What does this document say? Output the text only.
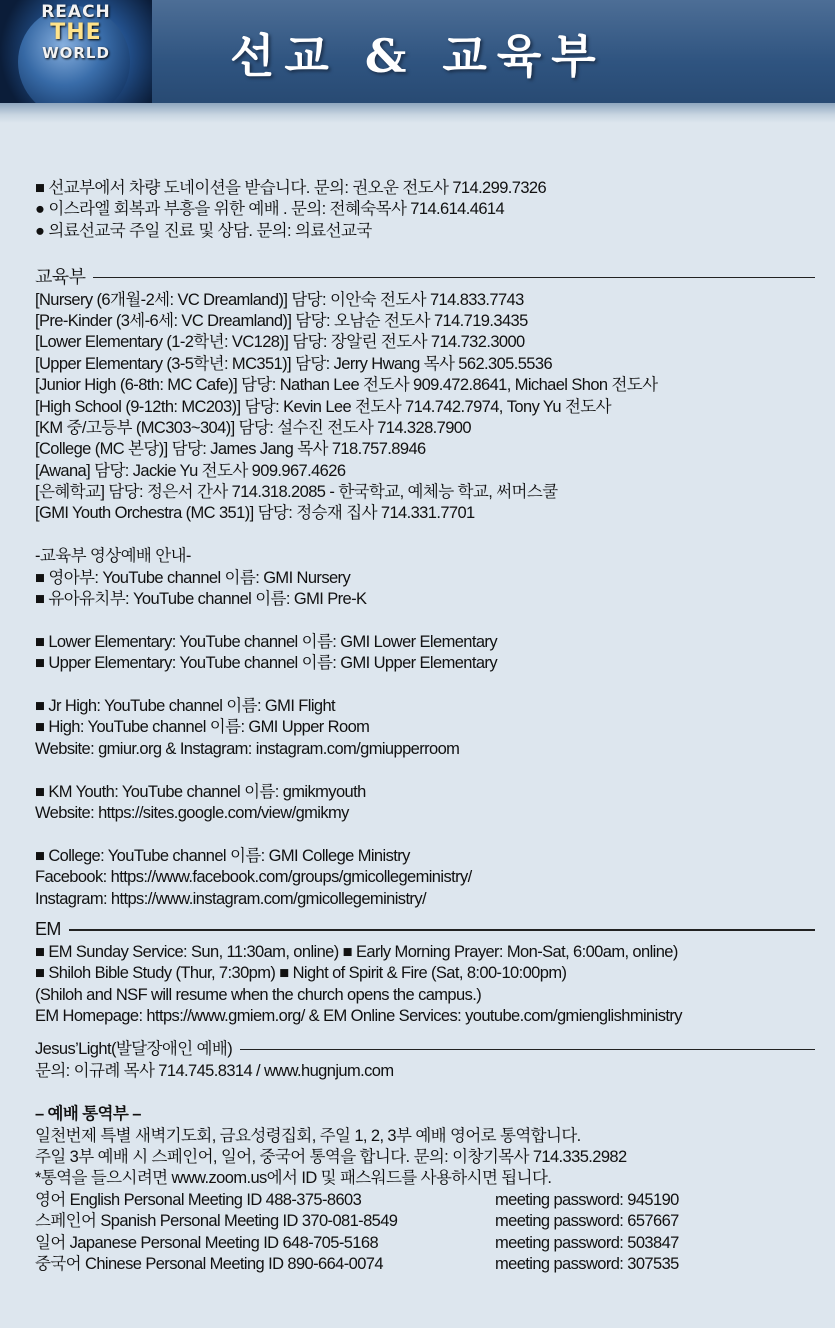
REACH
THE
WORLD	선교 & 교육부
■ 선교부에서 차량 도네이션을 받습니다. 문의: 권오운 전도사 714.299.7326
● 이스라엘 회복과 부흥을 위한 예배 . 문의: 전혜숙목사 714.614.4614
● 의료선교국 주일 진료 및 상담. 문의: 의료선교국
교육부
[Nursery (6개월-2세: VC Dreamland)] 담당: 이안숙 전도사 714.833.7743
[Pre-Kinder (3세-6세: VC Dreamland)] 담당: 오남순 전도사 714.719.3435
[Lower Elementary (1-2학년: VC128)] 담당: 장알린 전도사 714.732.3000
[Upper Elementary (3-5학년: MC351)] 담당: Jerry Hwang 목사 562.305.5536
[Junior High (6-8th: MC Cafe)] 담당: Nathan Lee 전도사 909.472.8641, Michael Shon 전도사
[High School (9-12th: MC203)] 담당: Kevin Lee 전도사 714.742.7974, Tony Yu 전도사
[KM 중/고등부 (MC303~304)] 담당: 설수진 전도사 714.328.7900
[College (MC 본당)] 담당: James Jang 목사 718.757.8946
[Awana] 담당: Jackie Yu 전도사 909.967.4626
[은혜학교] 담당: 정은서 간사 714.318.2085 - 한국학교, 예체능 학교, 써머스쿨
[GMI Youth Orchestra (MC 351)] 담당: 정승재 집사 714.331.7701
-교육부 영상예배 안내-
■ 영아부: YouTube channel 이름: GMI Nursery
■ 유아유치부: YouTube channel 이름: GMI Pre-K
■ Lower Elementary: YouTube channel 이름: GMI Lower Elementary
■ Upper Elementary: YouTube channel 이름: GMI Upper Elementary
■ Jr High: YouTube channel 이름: GMI Flight
■ High: YouTube channel 이름: GMI Upper Room
Website: gmiur.org & Instagram: instagram.com/gmiupperroom
■ KM Youth: YouTube channel 이름: gmikmyouth
Website: https://sites.google.com/view/gmikmy
■ College: YouTube channel 이름: GMI College Ministry
Facebook: https://www.facebook.com/groups/gmicollegeministry/
Instagram: https://www.instagram.com/gmicollegeministry/
EM
■ EM Sunday Service: Sun, 11:30am, online) ■ Early Morning Prayer: Mon-Sat, 6:00am, online)
■ Shiloh Bible Study (Thur, 7:30pm) ■ Night of Spirit & Fire (Sat, 8:00-10:00pm)
(Shiloh and NSF will resume when the church opens the campus.)
EM Homepage: https://www.gmiem.org/ & EM Online Services: youtube.com/gmienglishministry
Jesus’Light(발달장애인 예배)
문의: 이규례 목사 714.745.8314 / www.hugnjum.com
– 예배 통역부 –
일천번제 특별 새벽기도회, 금요성령집회, 주일 1, 2, 3부 예배 영어로 통역합니다.
주일 3부 예배 시 스페인어, 일어, 중국어 통역을 합니다. 문의: 이창기목사 714.335.2982
*통역을 들으시려면 www.zoom.us에서 ID 및 패스워드를 사용하시면 됩니다.
영어 English Personal Meeting ID 488-375-8603	meeting password: 945190
스페인어 Spanish Personal Meeting ID 370-081-8549	meeting password: 657667
일어 Japanese Personal Meeting ID 648-705-5168	meeting password: 503847
중국어 Chinese Personal Meeting ID 890-664-0074	meeting password: 307535
